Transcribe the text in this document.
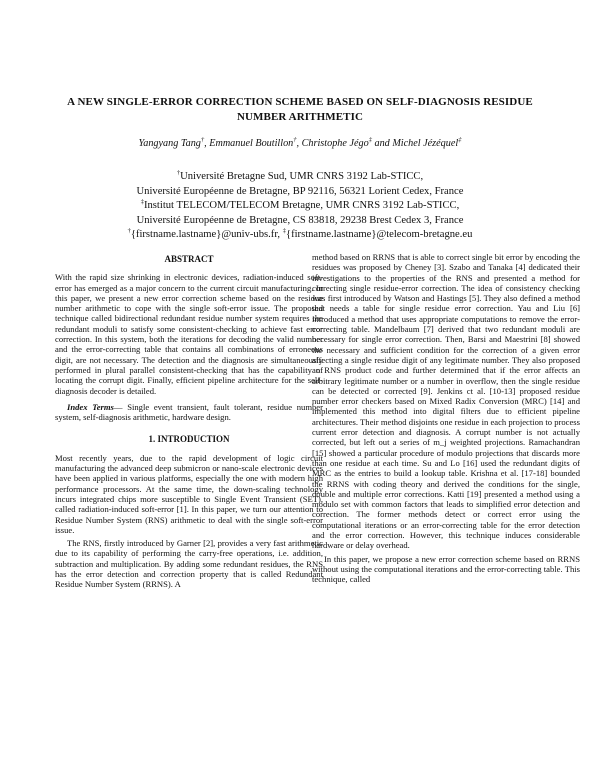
A NEW SINGLE-ERROR CORRECTION SCHEME BASED ON SELF-DIAGNOSIS RESIDUE
NUMBER ARITHMETIC
Yangyang Tang†, Emmanuel Boutillon†, Christophe Jégo‡ and Michel Jézéquel‡
†Université Bretagne Sud, UMR CNRS 3192 Lab-STICC,
Université Européenne de Bretagne, BP 92116, 56321 Lorient Cedex, France
‡Institut TELECOM/TELECOM Bretagne, UMR CNRS 3192 Lab-STICC,
Université Européenne de Bretagne, CS 83818, 29238 Brest Cedex 3, France
†{firstname.lastname}@univ-ubs.fr, ‡{firstname.lastname}@telecom-bretagne.eu
ABSTRACT
With the rapid size shrinking in electronic devices, radiation-induced soft-error has emerged as a major concern to the current circuit manufacturing. In this paper, we present a new error correction scheme based on the residue number arithmetic to cope with the single soft-error issue. The proposed technique called bidirectional redundant residue number system requires the redundant moduli to satisfy some consistent-checking to achieve fast error correction. In this system, both the iterations for decoding the valid number and the error-correcting table that contains all combinations of erroneous digit, are not necessary. The detection and the diagnosis are simultaneously performed in plural parallel consistent-checking that has the capability of locating the corrupt digit. Finally, efficient pipeline architecture for the self-diagnosis decoder is detailed.
Index Terms— Single event transient, fault tolerant, residue number system, self-diagnosis arithmetic, hardware design.
1. INTRODUCTION
Most recently years, due to the rapid development of logic circuit manufacturing the advanced deep submicron or nano-scale electronic devices have been applied in various platforms, especially the one with modern high performance processors. At the same time, the down-scaling technology incurs integrated chips more susceptible to Single Event Transient (SET), called radiation-induced soft-error [1]. In this paper, we turn our attention to Residue Number System (RNS) arithmetic to deal with the single soft-error issue.
The RNS, firstly introduced by Garner [2], provides a very fast arithmetic due to its capability of performing the carry-free operations, i.e. addition, subtraction and multiplication. By adding some redundant residues, the RNS has the error detection and correction property that is called Redundant Residue Number System (RRNS). A
method based on RRNS that is able to correct single bit error by encoding the residues was proposed by Cheney [3]. Szabo and Tanaka [4] dedicated their investigations to the properties of the RNS and presented a method for correcting single residue-error correction. The idea of consistency checking was first introduced by Watson and Hastings [5]. They also defined a method that needs a table for single residue error correction. Yau and Liu [6] introduced a method that uses appropriate computations to remove the error-correcting table. Mandelbaum [7] derived that two redundant moduli are necessary for single error correction. Then, Barsi and Maestrini [8] showed the necessary and sufficient condition for the correction of a given error affecting a single residue digit of any legitimate number. They also proposed an RNS product code and further determined that if the error affects an arbitrary legitimate number or a number in overflow, then the single residue can be detected or corrected [9]. Jenkins ct al. [10-13] proposed residue number error checkers based on Mixed Radix Conversion (MRC) [14] and implemented this method into digital filters due to efficient pipeline architectures. Their method disjoints one residue in each projection to process current error detection and diagnosis. A corrupt number is not actually corrected, but left out a series of m_j weighted projections. Ramachandran [15] showed a particular procedure of modulo projections that discards more than one residue at each time. Su and Lo [16] used the redundant digits of MRC as the entries to build a lookup table. Krishna et al. [17-18] bounded the RRNS with coding theory and derived the conditions for the single, double and multiple error corrections. Katti [19] presented a method using a modulo set with common factors that leads to simplified error detection and correction. The former methods detect or correct error using the computational iterations or an error-correcting table for the error detection and the error correction. However, this technique induces considerable hardware or delay overhead.
In this paper, we propose a new error correction scheme based on RRNS without using the computational iterations and the error-correcting table. This technique, called
